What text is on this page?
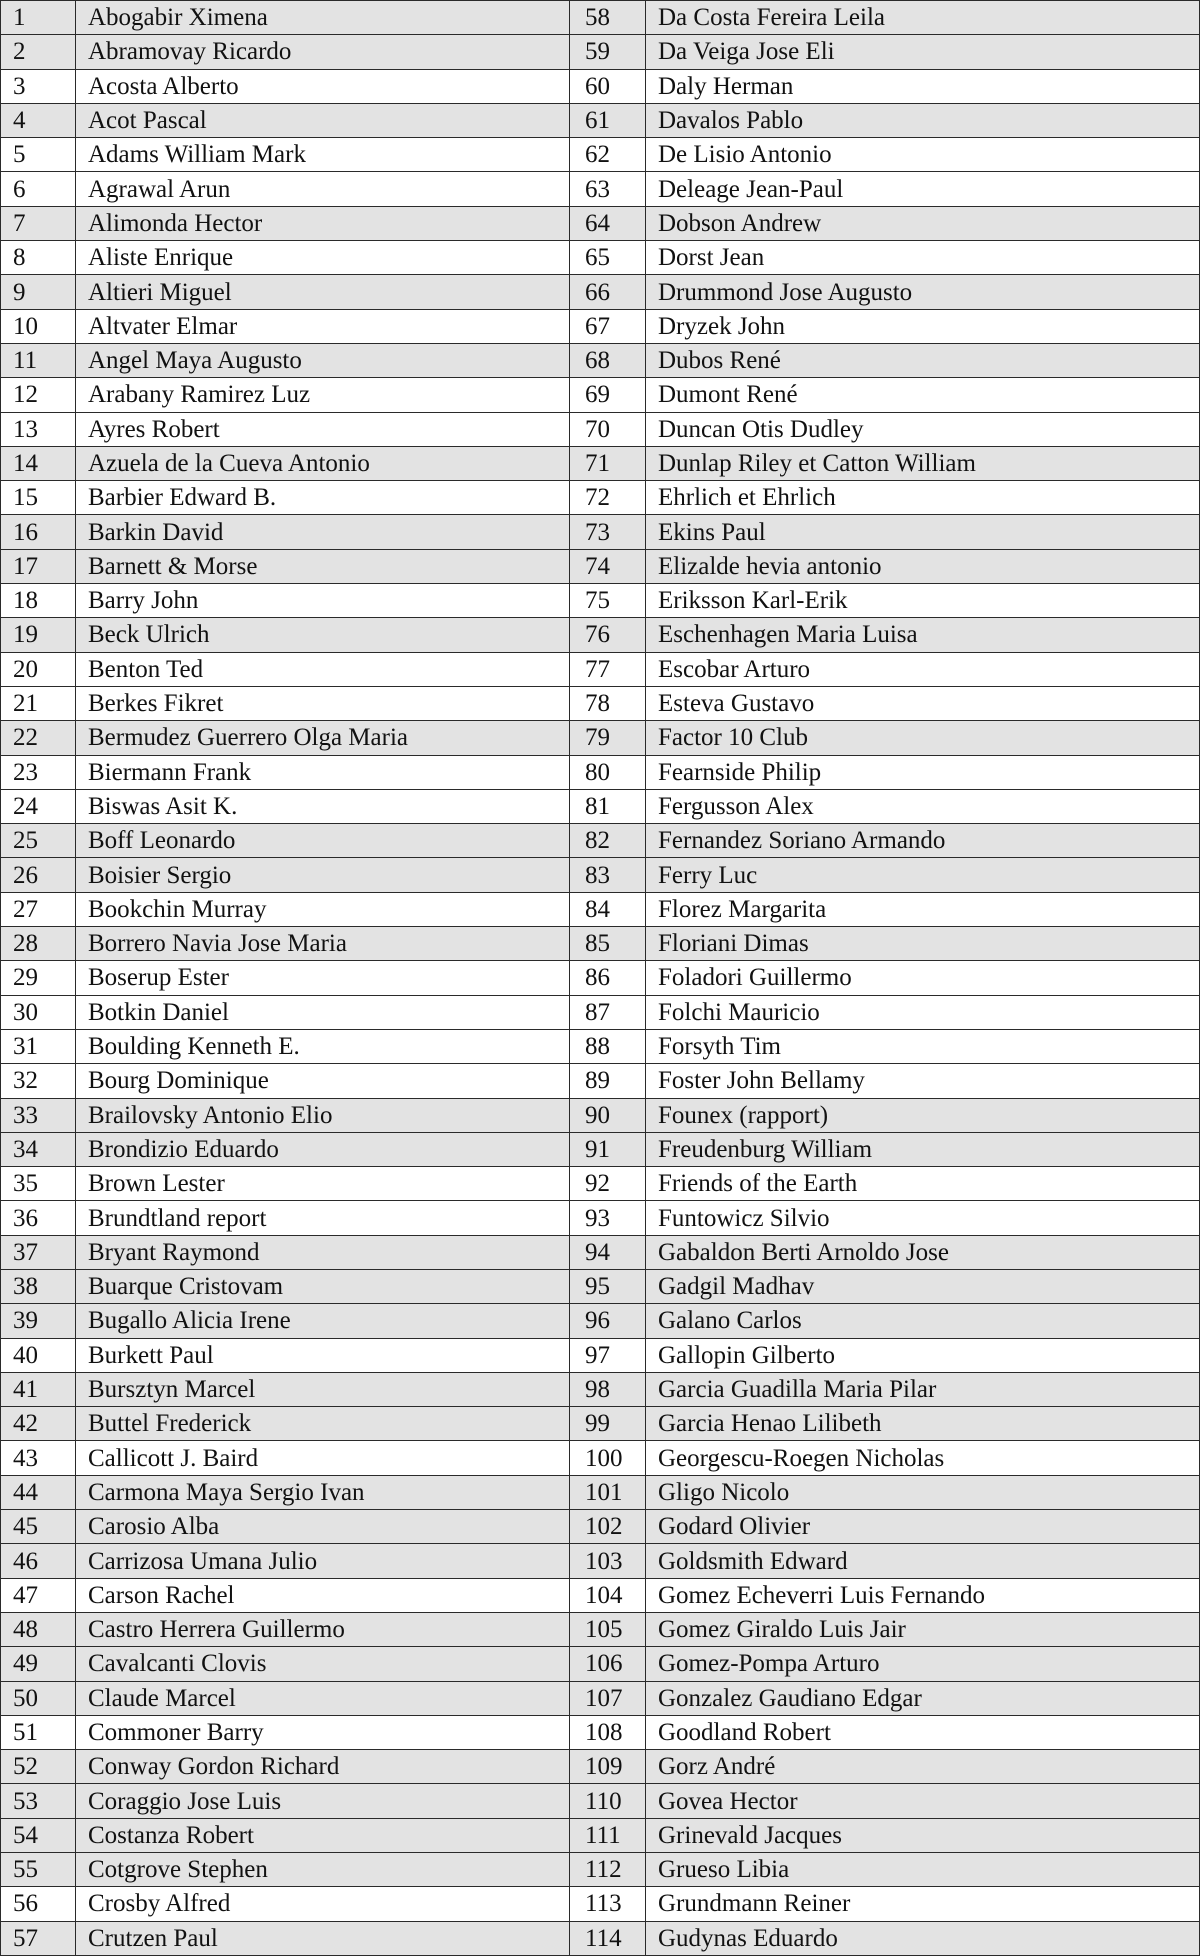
1	Abogabir Ximena	58	Da Costa Fereira Leila
2	Abramovay Ricardo	59	Da Veiga Jose Eli
3	Acosta Alberto	60	Daly Herman
4	Acot Pascal	61	Davalos Pablo
5	Adams William Mark	62	De Lisio Antonio
6	Agrawal Arun	63	Deleage Jean-Paul
7	Alimonda Hector	64	Dobson Andrew
8	Aliste Enrique	65	Dorst Jean
9	Altieri Miguel	66	Drummond Jose Augusto
10	Altvater Elmar	67	Dryzek John
11	Angel Maya Augusto	68	Dubos René
12	Arabany Ramirez Luz	69	Dumont René
13	Ayres Robert	70	Duncan Otis Dudley
14	Azuela de la Cueva Antonio	71	Dunlap Riley et Catton William
15	Barbier Edward B.	72	Ehrlich et Ehrlich
16	Barkin David	73	Ekins Paul
17	Barnett & Morse	74	Elizalde hevia antonio
18	Barry John	75	Eriksson Karl-Erik
19	Beck Ulrich	76	Eschenhagen Maria Luisa
20	Benton Ted	77	Escobar Arturo
21	Berkes Fikret	78	Esteva Gustavo
22	Bermudez Guerrero Olga Maria	79	Factor 10 Club
23	Biermann Frank	80	Fearnside Philip
24	Biswas Asit K.	81	Fergusson Alex
25	Boff Leonardo	82	Fernandez Soriano Armando
26	Boisier Sergio	83	Ferry Luc
27	Bookchin Murray	84	Florez Margarita
28	Borrero Navia Jose Maria	85	Floriani Dimas
29	Boserup Ester	86	Foladori Guillermo
30	Botkin Daniel	87	Folchi Mauricio
31	Boulding Kenneth E.	88	Forsyth Tim
32	Bourg Dominique	89	Foster John Bellamy
33	Brailovsky Antonio Elio	90	Founex (rapport)
34	Brondizio Eduardo	91	Freudenburg William
35	Brown Lester	92	Friends of the Earth
36	Brundtland report	93	Funtowicz Silvio
37	Bryant Raymond	94	Gabaldon Berti Arnoldo Jose
38	Buarque Cristovam	95	Gadgil Madhav
39	Bugallo Alicia Irene	96	Galano Carlos
40	Burkett Paul	97	Gallopin Gilberto
41	Bursztyn Marcel	98	Garcia Guadilla Maria Pilar
42	Buttel Frederick	99	Garcia Henao Lilibeth
43	Callicott J. Baird	100	Georgescu-Roegen Nicholas
44	Carmona Maya Sergio Ivan	101	Gligo Nicolo
45	Carosio Alba	102	Godard Olivier
46	Carrizosa Umana Julio	103	Goldsmith Edward
47	Carson Rachel	104	Gomez Echeverri Luis Fernando
48	Castro Herrera Guillermo	105	Gomez Giraldo Luis Jair
49	Cavalcanti Clovis	106	Gomez-Pompa Arturo
50	Claude Marcel	107	Gonzalez Gaudiano Edgar
51	Commoner Barry	108	Goodland Robert
52	Conway Gordon Richard	109	Gorz André
53	Coraggio Jose Luis	110	Govea Hector
54	Costanza Robert	111	Grinevald Jacques
55	Cotgrove Stephen	112	Grueso Libia
56	Crosby Alfred	113	Grundmann Reiner
57	Crutzen Paul	114	Gudynas Eduardo
